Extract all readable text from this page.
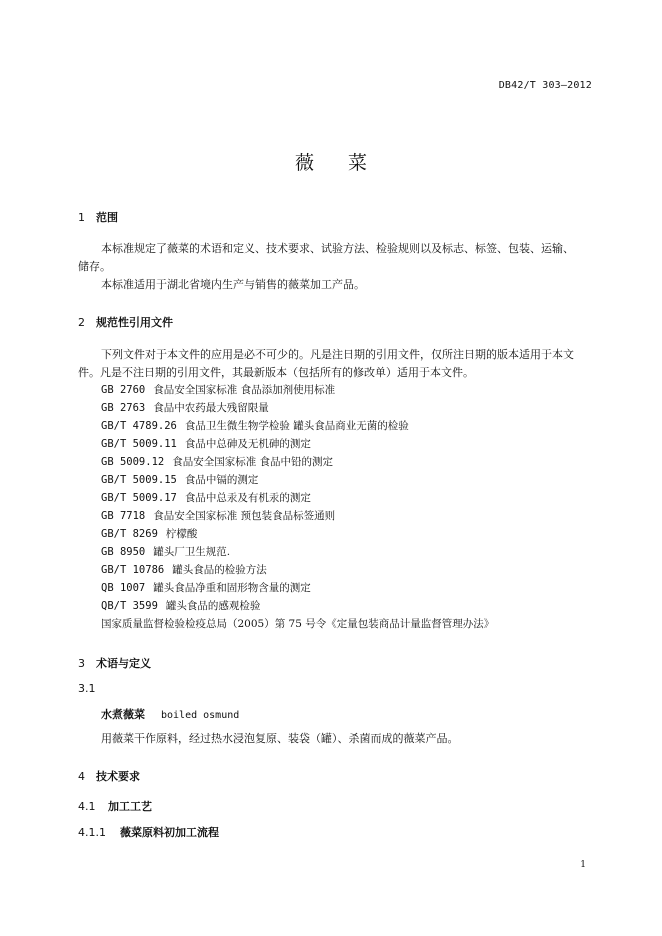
DB42/T 303—2012
薇 菜
1 范围
本标准规定了薇菜的术语和定义、技术要求、试验方法、检验规则以及标志、标签、包装、运输、
储存。
本标准适用于湖北省境内生产与销售的薇菜加工产品。
2 规范性引用文件
下列文件对于本文件的应用是必不可少的。凡是注日期的引用文件，仅所注日期的版本适用于本文
件。凡是不注日期的引用文件，其最新版本（包括所有的修改单）适用于本文件。
GB 2760 食品安全国家标准 食品添加剂使用标准
GB 2763 食品中农药最大残留限量
GB/T 4789.26 食品卫生微生物学检验 罐头食品商业无菌的检验
GB/T 5009.11 食品中总砷及无机砷的测定
GB 5009.12 食品安全国家标准 食品中铅的测定
GB/T 5009.15 食品中镉的测定
GB/T 5009.17 食品中总汞及有机汞的测定
GB 7718 食品安全国家标准 预包装食品标签通则
GB/T 8269 柠檬酸
GB 8950 罐头厂卫生规范.
GB/T 10786 罐头食品的检验方法
QB 1007 罐头食品净重和固形物含量的测定
QB/T 3599 罐头食品的感观检验
国家质量监督检验检疫总局（2005）第 75 号令《定量包装商品计量监督管理办法》
3 术语与定义
3.1
水煮薇菜 boiled osmund
用薇菜干作原料，经过热水浸泡复原、装袋（罐）、杀菌而成的薇菜产品。
4 技术要求
4.1 加工工艺
4.1.1 薇菜原料初加工流程
1
